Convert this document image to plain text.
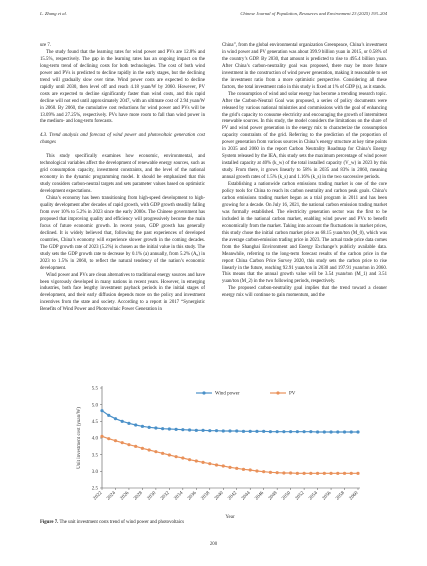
L. Zhang et al.	Chinese Journal of Population, Resources and Environment 23 (2025) 193–204

ure 7.

The study found that the learning rates for wind power and PVs are 12.8% and 15.5%, respectively. The gap in the learning rates has an ongoing impact on the long-term trend of declining costs for both technologies. The cost of both wind power and PVs is predicted to decline rapidly in the early stages, but the declining trend will gradually slow over time. Wind power costs are expected to decline rapidly until 2030, then level off and reach 4.18 yuan/W by 2060. However, PV costs are expected to decline significantly faster than wind costs, and this rapid decline will not end until approximately 2047, with an ultimate cost of 2.94 yuan/W in 2060. By 2060, the cumulative cost reductions for wind power and PVs will be 13.09% and 27.25%, respectively. PVs have more room to fall than wind power in the medium- and long-term forecasts.

4.3. Trend analysis and forecast of wind power and photovoltaic generation cost changes

This study specifically examines how economic, environmental, and technological variables affect the development of renewable energy sources, such as grid consumption capacity, investment constraints, and the level of the national economy in the dynamic programming model. It should be emphasized that this study considers carbon-neutral targets and sets parameter values based on optimistic development expectations.

China’s economy has been transitioning from high-speed development to high-quality development after decades of rapid growth, with GDP growth steadily falling from over 10% to 5.2% in 2023 since the early 2000s. The Chinese government has proposed that improving quality and efficiency will progressively become the main focus of future economic growth. In recent years, GDP growth has generally declined. It is widely believed that, following the past experiences of developed countries, China’s economy will experience slower growth in the coming decades. The GDP growth rate of 2023 (5.2%) is chosen as the initial value in this study. The study sets the GDP growth rate to decrease by 0.1% (a) annually, from 5.2% (A₀) in 2023 to 1.5% in 2060, to reflect the natural tendency of the nation’s economic development.

Wind power and PVs are clean alternatives to traditional energy sources and have been vigorously developed in many nations in recent years. However, in emerging industries, both face lengthy investment payback periods in the initial stages of development, and their early diffusion depends more on the policy and investment incentives from the state and society. According to a report in 2017 “Synergistic Benefits of Wind Power and Photovoltaic Power Generation in

China”, from the global environmental organization Greenpeace, China’s investment in wind power and PV generation was about 399.9 billion yuan in 2015, or 0.58% of the country’s GDP. By 2030, that amount is predicted to rise to 495.4 billion yuan. After China’s carbon-neutrality goal was proposed, there may be more future investment in the construction of wind power generation, making it reasonable to set the investment ratio from a more optimistic perspective. Considering all these factors, the total investment ratio in this study is fixed at 1% of GDP (s), as it stands.

The consumption of wind and solar energy has become a trending research topic. After the Carbon-Neutral Goal was proposed, a series of policy documents were released by various national ministries and commissions with the goal of enhancing the grid’s capacity to consume electricity and encouraging the growth of intermittent renewable sources. In this study, the model considers the limitations on the share of PV and wind power generation in the energy mix to characterize the consumption capacity constraints of the grid. Referring to the prediction of the proportion of power generation from various sources in China’s energy structure at key time points in 2035 and 2060 in the report Carbon Neutrality Roadmap for China’s Energy System released by the IEA, this study sets the maximum percentage of wind power installed capacity at 40% (k_w) of the total installed capacity (V_w) in 2023 by this study. From there, it grows linearly to 58% in 2035 and 83% in 2060, meaning annual growth rates of 1.5% (k_s) and 1.16% (k_s) in the two successive periods.

Establishing a nationwide carbon emissions trading market is one of the core policy tools for China to reach its carbon neutrality and carbon peak goals. China’s carbon emissions trading market began as a trial program in 2011 and has been growing for a decade. On July 16, 2021, the national carbon emission trading market was formally established. The electricity generation sector was the first to be included in the national carbon market, enabling wind power and PVs to benefit economically from the market. Taking into account the fluctuations in market prices, this study chose the initial carbon market price as 68.15 yuan/ton (M_0), which was the average carbon-emission trading price in 2023. The actual trade price data comes from the Shanghai Environment and Energy Exchange’s publicly available data. Meanwhile, referring to the long-term forecast results of the carbon price in the report China Carbon Price Survey 2020, this study sets the carbon price to rise linearly in the future, reaching 92.91 yuan/ton in 2030 and 197.91 yuan/ton in 2060. This means that the annual growth value will be 3.54 yuan/ton (M_1) and 3.51 yuan/ton (M_2) in the two following periods, respectively.

The proposed carbon-neutrality goal implies that the trend toward a cleaner energy mix will continue to gain momentum, and the

2.5
3.0
3.5
4.0
4.5
5.0
5.5
2022 2024 2026 2028 2030 2032 2034 2036 2038 2040 2042 2044 2046 2048 2050 2052 2054 2056 2058 2060
Wind power	PV
Unit investment cost (yuan/W)
Year
Figure 7. The unit investment costs trend of wind power and photovoltaics
200
